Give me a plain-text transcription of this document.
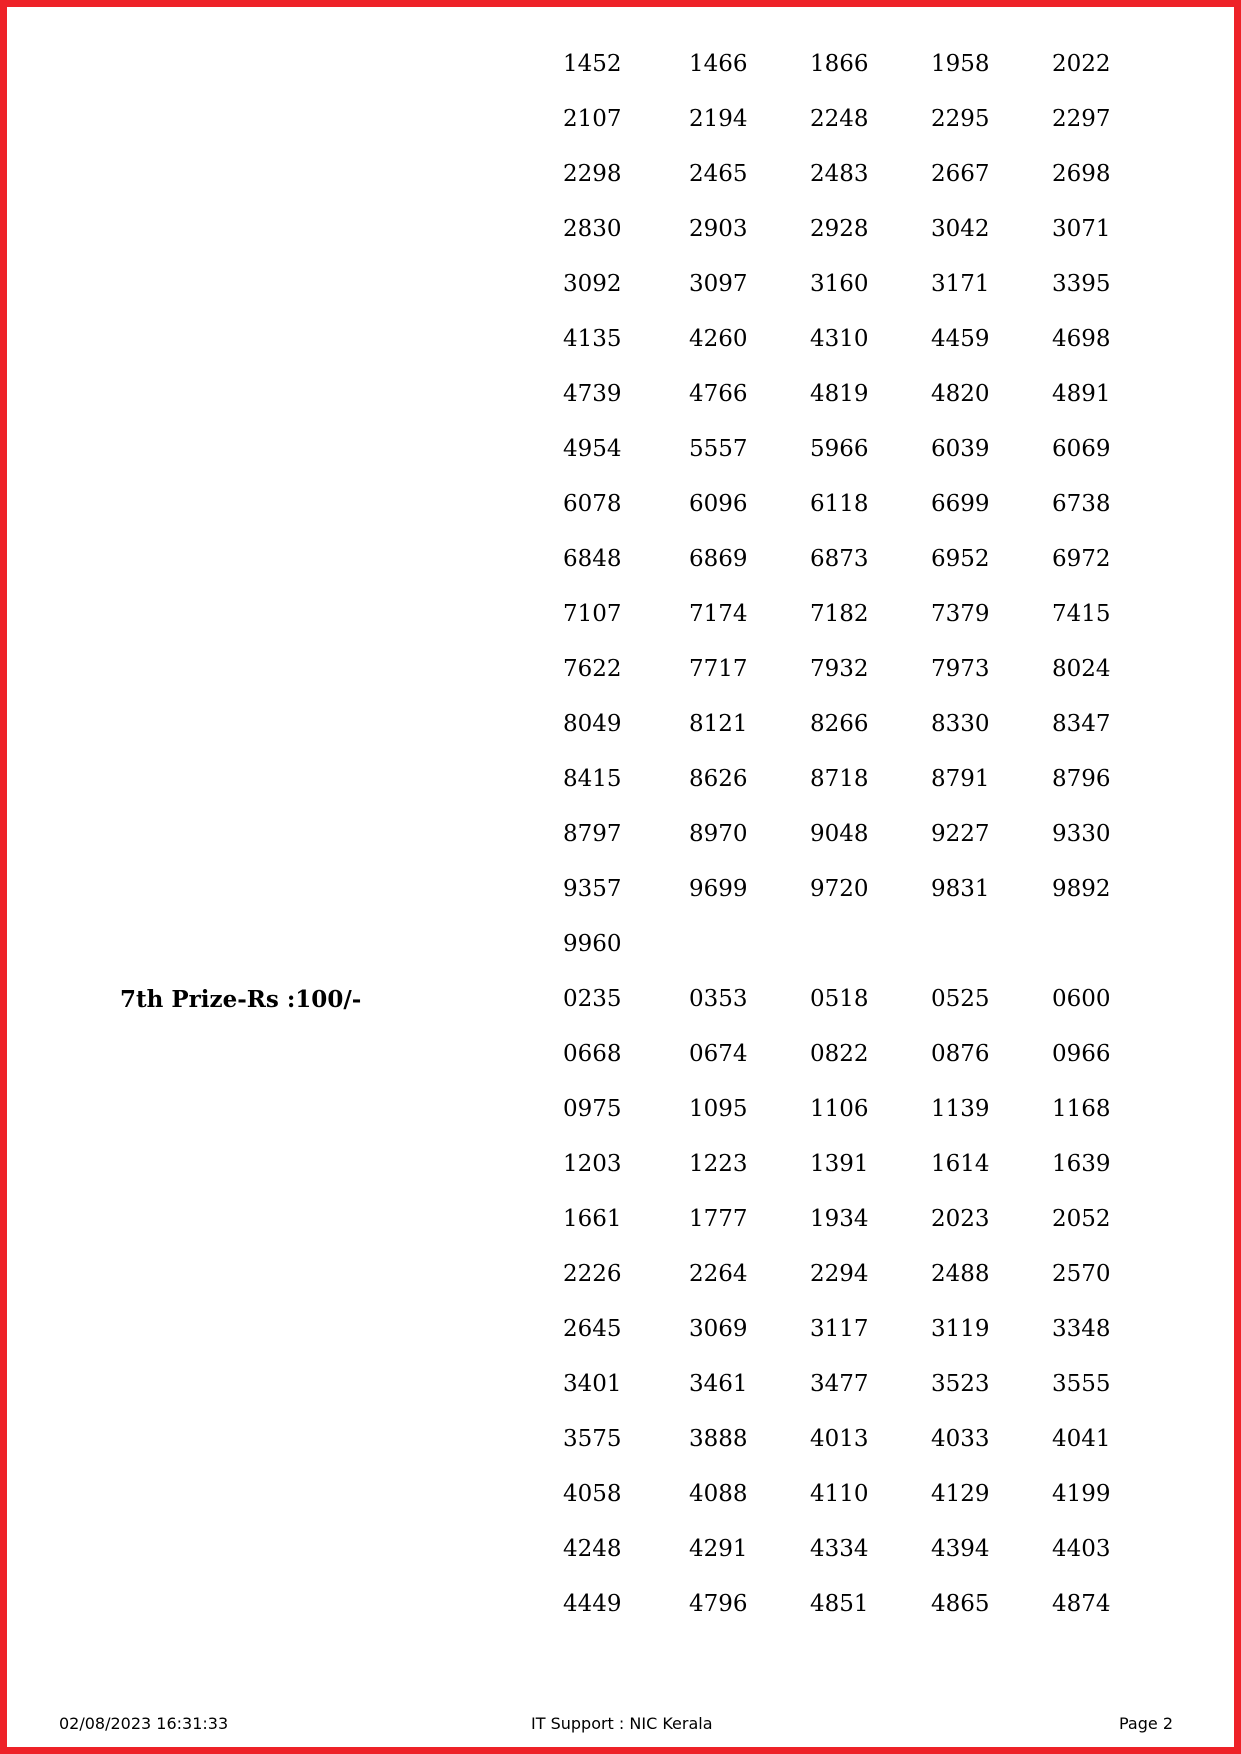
1452	1466	1866	1958	2022
2107	2194	2248	2295	2297
2298	2465	2483	2667	2698
2830	2903	2928	3042	3071
3092	3097	3160	3171	3395
4135	4260	4310	4459	4698
4739	4766	4819	4820	4891
4954	5557	5966	6039	6069
6078	6096	6118	6699	6738
6848	6869	6873	6952	6972
7107	7174	7182	7379	7415
7622	7717	7932	7973	8024
8049	8121	8266	8330	8347
8415	8626	8718	8791	8796
8797	8970	9048	9227	9330
9357	9699	9720	9831	9892
9960
7th Prize-Rs :100/-	0235	0353	0518	0525	0600
0668	0674	0822	0876	0966
0975	1095	1106	1139	1168
1203	1223	1391	1614	1639
1661	1777	1934	2023	2052
2226	2264	2294	2488	2570
2645	3069	3117	3119	3348
3401	3461	3477	3523	3555
3575	3888	4013	4033	4041
4058	4088	4110	4129	4199
4248	4291	4334	4394	4403
4449	4796	4851	4865	4874
02/08/2023 16:31:33	IT Support : NIC Kerala	Page 2
